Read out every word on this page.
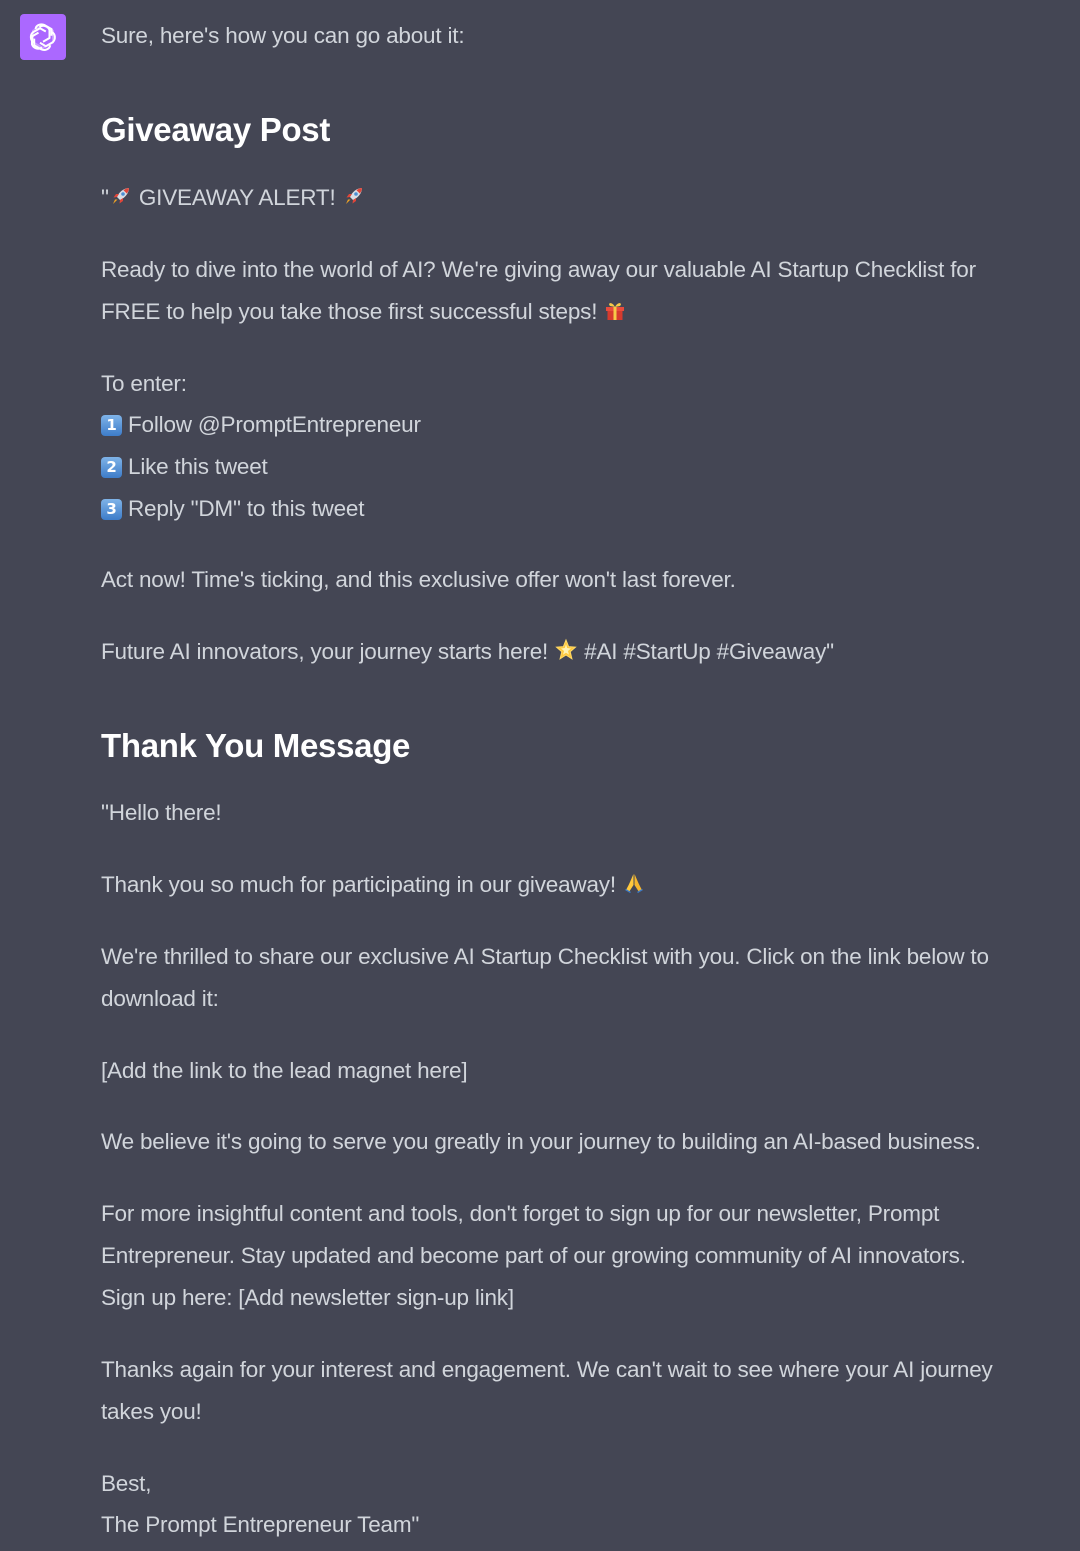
Sure, here's how you can go about it:
Giveaway Post
" GIVEAWAY ALERT!
Ready to dive into the world of AI? We're giving away our valuable AI Startup Checklist for
FREE to help you take those first successful steps!
To enter:
1 Follow @PromptEntrepreneur
2 Like this tweet
3 Reply "DM" to this tweet
Act now! Time's ticking, and this exclusive offer won't last forever.
Future AI innovators, your journey starts here!  #AI #StartUp #Giveaway"
Thank You Message
"Hello there!
Thank you so much for participating in our giveaway!
We're thrilled to share our exclusive AI Startup Checklist with you. Click on the link below to
download it:
[Add the link to the lead magnet here]
We believe it's going to serve you greatly in your journey to building an AI-based business.
For more insightful content and tools, don't forget to sign up for our newsletter, Prompt
Entrepreneur. Stay updated and become part of our growing community of AI innovators.
Sign up here: [Add newsletter sign-up link]
Thanks again for your interest and engagement. We can't wait to see where your AI journey
takes you!
Best,
The Prompt Entrepreneur Team"
